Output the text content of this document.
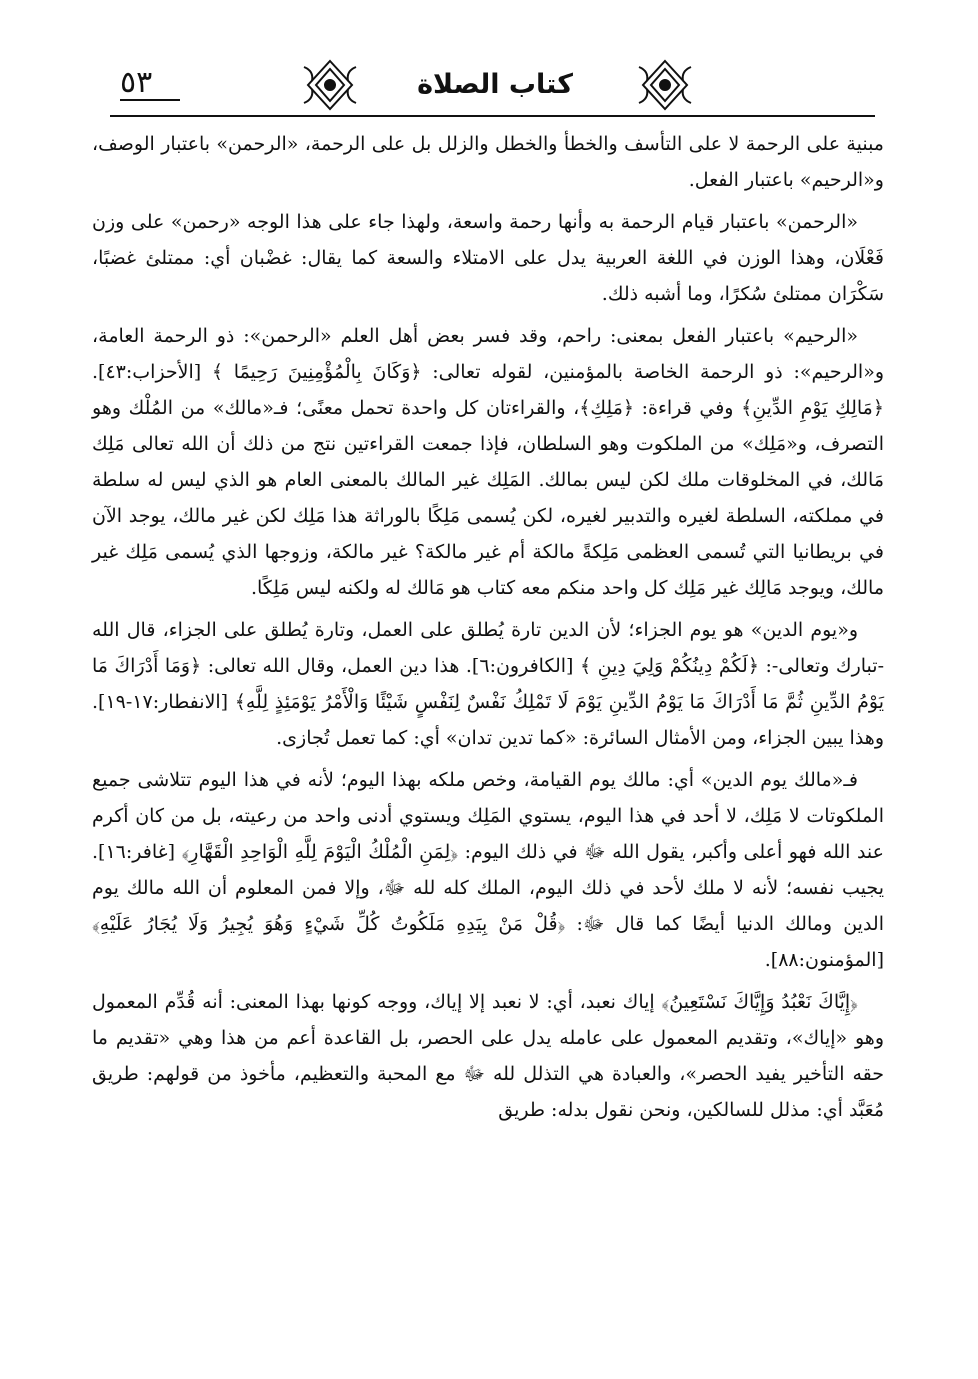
٥٣	كتاب الصلاة

مبنية على الرحمة لا على التأسف والخطأ والخطل والزلل بل على الرحمة، «الرحمن» باعتبار الوصف، و«الرحيم» باعتبار الفعل.

«الرحمن» باعتبار قيام الرحمة به وأنها رحمة واسعة، ولهذا جاء على هذا الوجه «رحمن» على وزن فَعْلَان، وهذا الوزن في اللغة العربية يدل على الامتلاء والسعة كما يقال: غضْبان أي: ممتلئ غضبًا، سَكْرَان ممتلئ سُكرًا، وما أشبه ذلك.

«الرحيم» باعتبار الفعل بمعنى: راحم، وقد فسر بعض أهل العلم «الرحمن»: ذو الرحمة العامة، و«الرحيم»: ذو الرحمة الخاصة بالمؤمنين، لقوله تعالى: ﴿وَكَانَ بِالْمُؤْمِنِينَ رَحِيمًا ﴾ [الأحزاب:٤٣]. ﴿مَالِكِ يَوْمِ الدِّينِ﴾ وفي قراءة: ﴿مَلِكِ﴾، والقراءتان كل واحدة تحمل معنًى؛ فـ«مالك» من المُلْك وهو التصرف، و«مَلِك» من الملكوت وهو السلطان، فإذا جمعت القراءتين نتج من ذلك أن الله تعالى مَلِك مَالك، في المخلوقات ملك لكن ليس بمالك. المَلِك غير المالك بالمعنى العام هو الذي ليس له سلطة في مملكته، السلطة لغيره والتدبير لغيره، لكن يُسمى مَلِكًا بالوراثة هذا مَلِك لكن غير مالك، يوجد الآن في بريطانيا التي تُسمى العظمى مَلِكةً مالكة أم غير مالكة؟ غير مالكة، وزوجها الذي يُسمى مَلِك غير مالك، ويوجد مَالِك غير مَلِك كل واحد منكم معه كتاب هو مَالك له ولكنه ليس مَلِكًا.

و«يوم الدين» هو يوم الجزاء؛ لأن الدين تارة يُطلق على العمل، وتارة يُطلق على الجزاء، قال الله -تبارك وتعالى-: ﴿لَكُمْ دِينُكُمْ وَلِيَ دِينِ ﴾ [الكافرون:٦]. هذا دين العمل، وقال الله تعالى: ﴿وَمَا أَدْرَاكَ مَا يَوْمُ الدِّينِ ثُمَّ مَا أَدْرَاكَ مَا يَوْمُ الدِّينِ يَوْمَ لَا تَمْلِكُ نَفْسٌ لِنَفْسٍ شَيْئًا وَالْأَمْرُ يَوْمَئِذٍ لِلَّهِ﴾ [الانفطار:١٧-١٩]. وهذا يبين الجزاء، ومن الأمثال السائرة: «كما تدين تدان» أي: كما تعمل تُجازى.

فـ«مالك يوم الدين» أي: مالك يوم القيامة، وخص ملكه بهذا اليوم؛ لأنه في هذا اليوم تتلاشى جميع الملكوتات لا مَلِك، لا أحد في هذا اليوم، يستوي المَلِك ويستوي أدنى واحد من رعيته، بل من كان أكرم عند الله فهو أعلى وأكبر، يقول الله ﷻ في ذلك اليوم: ﴿لِمَنِ الْمُلْكُ الْيَوْمَ لِلَّهِ الْوَاحِدِ الْقَهَّارِ﴾ [غافر:١٦]. يجيب نفسه؛ لأنه لا ملك لأحد في ذلك اليوم، الملك كله لله ﷻ، وإلا فمن المعلوم أن الله مالك يوم الدين ومالك الدنيا أيضًا كما قال ﷻ: ﴿قُلْ مَنْ بِيَدِهِ مَلَكُوتُ كُلِّ شَيْءٍ وَهُوَ يُجِيرُ وَلَا يُجَارُ عَلَيْهِ﴾ [المؤمنون:٨٨].

﴿إِيَّاكَ نَعْبُدُ وَإِيَّاكَ نَسْتَعِينُ﴾ إياك نعبد، أي: لا نعبد إلا إياك، ووجه كونها بهذا المعنى: أنه قُدِّم المعمول وهو «إياك»، وتقديم المعمول على عامله يدل على الحصر، بل القاعدة أعم من هذا وهي «تقديم ما حقه التأخير يفيد الحصر»، والعبادة هي التذلل لله ﷻ مع المحبة والتعظيم، مأخوذ من قولهم: طريق مُعَبَّد أي: مذلل للسالكين، ونحن نقول بدله: طريق
